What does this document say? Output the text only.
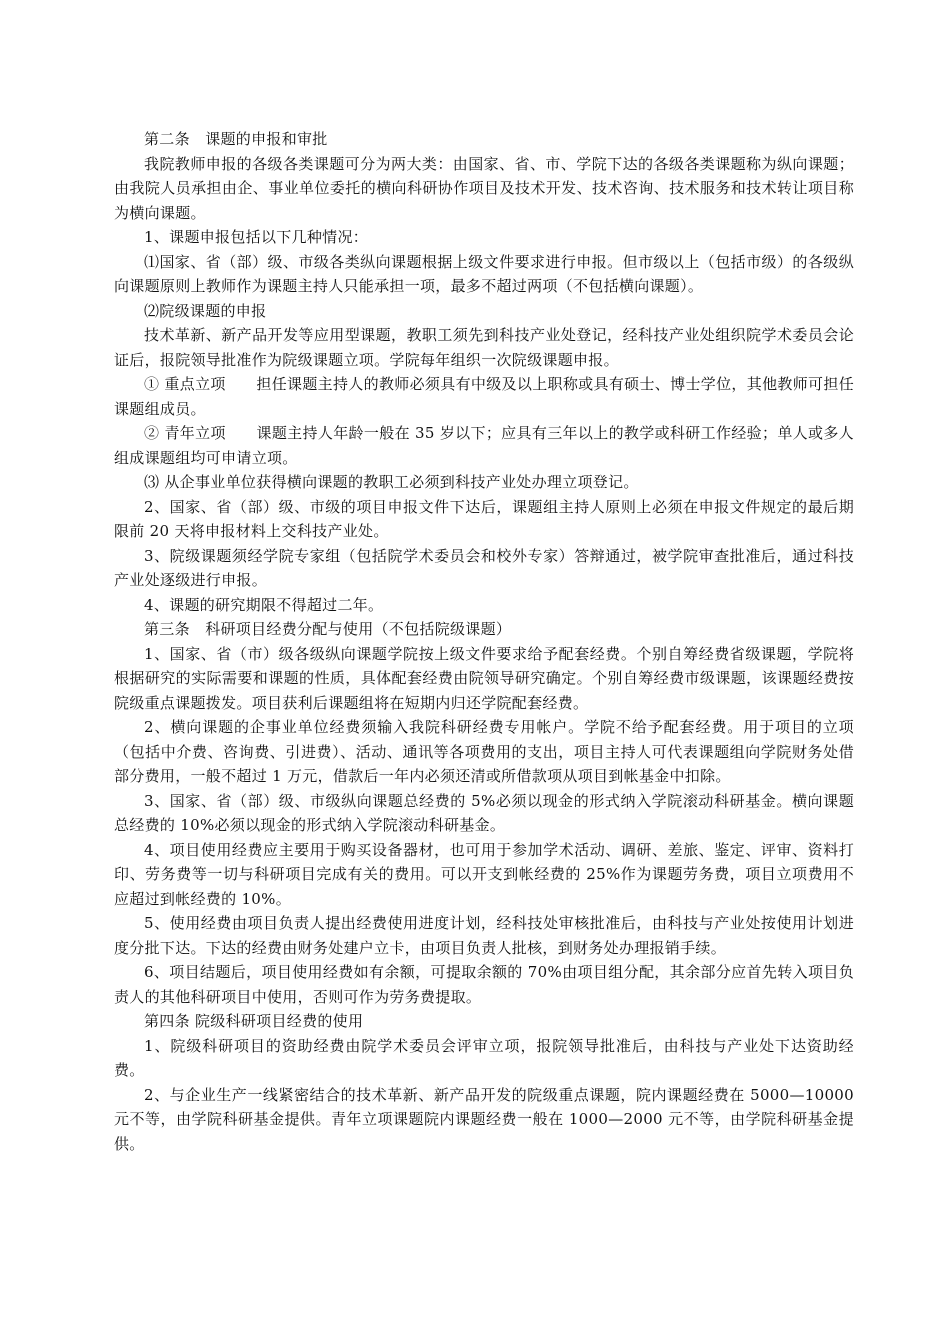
第二条　课题的申报和审批

我院教师申报的各级各类课题可分为两大类：由国家、省、市、学院下达的各级各类课题称为纵向课题；由我院人员承担由企、事业单位委托的横向科研协作项目及技术开发、技术咨询、技术服务和技术转让项目称为横向课题。

1、课题申报包括以下几种情况：

⑴国家、省（部）级、市级各类纵向课题根据上级文件要求进行申报。但市级以上（包括市级）的各级纵向课题原则上教师作为课题主持人只能承担一项，最多不超过两项（不包括横向课题）。

⑵院级课题的申报

技术革新、新产品开发等应用型课题，教职工须先到科技产业处登记，经科技产业处组织院学术委员会论证后，报院领导批准作为院级课题立项。学院每年组织一次院级课题申报。

① 重点立项　　担任课题主持人的教师必须具有中级及以上职称或具有硕士、博士学位，其他教师可担任课题组成员。

② 青年立项　　课题主持人年龄一般在 35 岁以下；应具有三年以上的教学或科研工作经验；单人或多人组成课题组均可申请立项。

⑶ 从企事业单位获得横向课题的教职工必须到科技产业处办理立项登记。

2、国家、省（部）级、市级的项目申报文件下达后，课题组主持人原则上必须在申报文件规定的最后期限前 20 天将申报材料上交科技产业处。

3、院级课题须经学院专家组（包括院学术委员会和校外专家）答辩通过，被学院审查批准后，通过科技产业处逐级进行申报。

4、课题的研究期限不得超过二年。

第三条　科研项目经费分配与使用（不包括院级课题）

1、国家、省（市）级各级纵向课题学院按上级文件要求给予配套经费。个别自筹经费省级课题，学院将根据研究的实际需要和课题的性质，具体配套经费由院领导研究确定。个别自筹经费市级课题，该课题经费按院级重点课题拨发。项目获利后课题组将在短期内归还学院配套经费。

2、横向课题的企事业单位经费须输入我院科研经费专用帐户。学院不给予配套经费。用于项目的立项（包括中介费、咨询费、引进费）、活动、通讯等各项费用的支出，项目主持人可代表课题组向学院财务处借部分费用，一般不超过 1 万元，借款后一年内必须还清或所借款项从项目到帐基金中扣除。

3、国家、省（部）级、市级纵向课题总经费的 5%必须以现金的形式纳入学院滚动科研基金。横向课题总经费的 10%必须以现金的形式纳入学院滚动科研基金。

4、项目使用经费应主要用于购买设备器材，也可用于参加学术活动、调研、差旅、鉴定、评审、资料打印、劳务费等一切与科研项目完成有关的费用。可以开支到帐经费的 25%作为课题劳务费，项目立项费用不应超过到帐经费的 10%。

5、使用经费由项目负责人提出经费使用进度计划，经科技处审核批准后，由科技与产业处按使用计划进度分批下达。下达的经费由财务处建户立卡，由项目负责人批核，到财务处办理报销手续。

6、项目结题后，项目使用经费如有余额，可提取余额的 70%由项目组分配，其余部分应首先转入项目负责人的其他科研项目中使用，否则可作为劳务费提取。

第四条 院级科研项目经费的使用

1、院级科研项目的资助经费由院学术委员会评审立项，报院领导批准后，由科技与产业处下达资助经费。

2、与企业生产一线紧密结合的技术革新、新产品开发的院级重点课题，院内课题经费在 5000—10000 元不等，由学院科研基金提供。青年立项课题院内课题经费一般在 1000—2000 元不等，由学院科研基金提供。
